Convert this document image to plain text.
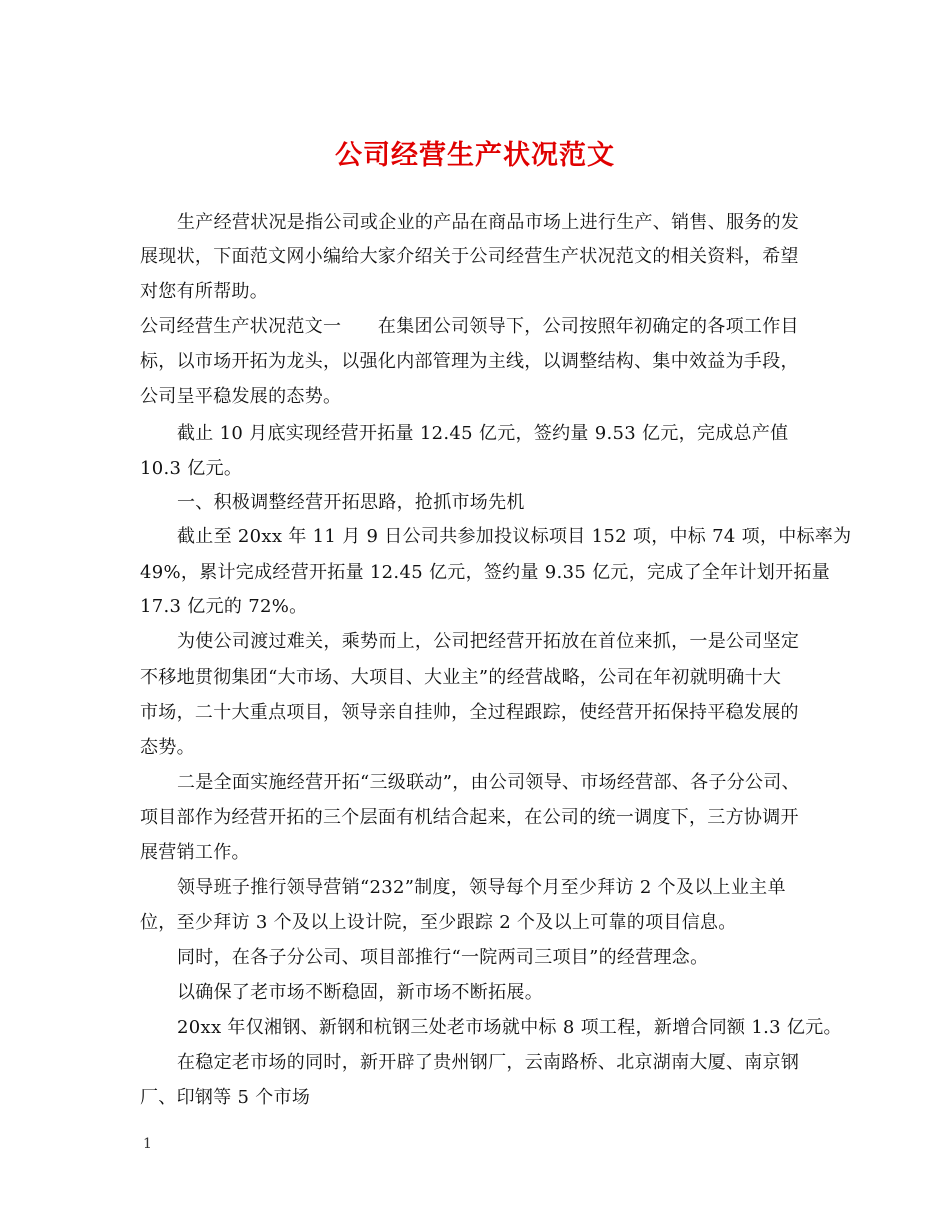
公司经营生产状况范文
生产经营状况是指公司或企业的产品在商品市场上进行生产、销售、服务的发
展现状，下面范文网小编给大家介绍关于公司经营生产状况范文的相关资料，希望
对您有所帮助。
公司经营生产状况范文一　　在集团公司领导下，公司按照年初确定的各项工作目
标，以市场开拓为龙头，以强化内部管理为主线，以调整结构、集中效益为手段，
公司呈平稳发展的态势。
截止 10 月底实现经营开拓量 12.45 亿元，签约量 9.53 亿元，完成总产值
10.3 亿元。
一、积极调整经营开拓思路，抢抓市场先机
截止至 20xx 年 11 月 9 日公司共参加投议标项目 152 项，中标 74 项，中标率为
49%，累计完成经营开拓量 12.45 亿元，签约量 9.35 亿元，完成了全年计划开拓量
17.3 亿元的 72%。
为使公司渡过难关，乘势而上，公司把经营开拓放在首位来抓，一是公司坚定
不移地贯彻集团“大市场、大项目、大业主”的经营战略，公司在年初就明确十大
市场，二十大重点项目，领导亲自挂帅，全过程跟踪，使经营开拓保持平稳发展的
态势。
二是全面实施经营开拓“三级联动”，由公司领导、市场经营部、各子分公司、
项目部作为经营开拓的三个层面有机结合起来，在公司的统一调度下，三方协调开
展营销工作。
领导班子推行领导营销“232”制度，领导每个月至少拜访 2 个及以上业主单
位，至少拜访 3 个及以上设计院，至少跟踪 2 个及以上可靠的项目信息。
同时，在各子分公司、项目部推行“一院两司三项目”的经营理念。
以确保了老市场不断稳固，新市场不断拓展。
20xx 年仅湘钢、新钢和杭钢三处老市场就中标 8 项工程，新增合同额 1.3 亿元。
在稳定老市场的同时，新开辟了贵州钢厂，云南路桥、北京湖南大厦、南京钢
厂、印钢等 5 个市场
1
